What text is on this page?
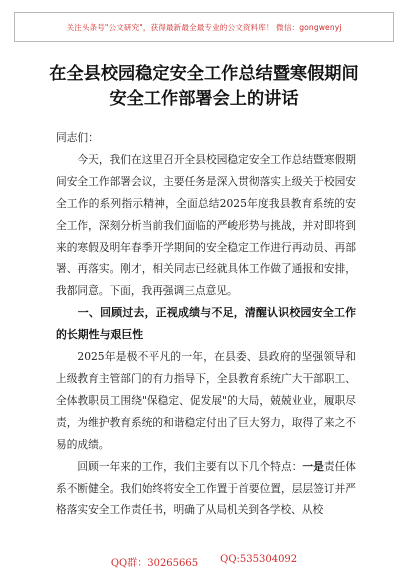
关注头条号"公文研究"，获得最新最全最专业的公文资料库！ 微信：gongwenyj
在全县校园稳定安全工作总结暨寒假期间
安全工作部署会上的讲话

同志们：

今天，我们在这里召开全县校园稳定安全工作总结暨寒假期间安全工作部署会议，主要任务是深入贯彻落实上级关于校园安全工作的系列指示精神，全面总结2025年度我县教育系统的安全工作，深刻分析当前我们面临的严峻形势与挑战，并对即将到来的寒假及明年春季开学期间的安全稳定工作进行再动员、再部署、再落实。刚才，相关同志已经就具体工作做了通报和安排，我都同意。下面，我再强调三点意见。

一、回顾过去，正视成绩与不足，清醒认识校园安全工作的长期性与艰巨性

2025年是极不平凡的一年，在县委、县政府的坚强领导和上级教育主管部门的有力指导下，全县教育系统广大干部职工、全体教职员工围绕"保稳定、促发展"的大局，兢兢业业，履职尽责，为维护教育系统的和谐稳定付出了巨大努力，取得了来之不易的成绩。

回顾一年来的工作，我们主要有以下几个特点：一是责任体系不断健全。我们始终将安全工作置于首要位置，层层签订并严格落实安全工作责任书，明确了从局机关到各学校、从校

QQ群：30265665 QQ:535304092
